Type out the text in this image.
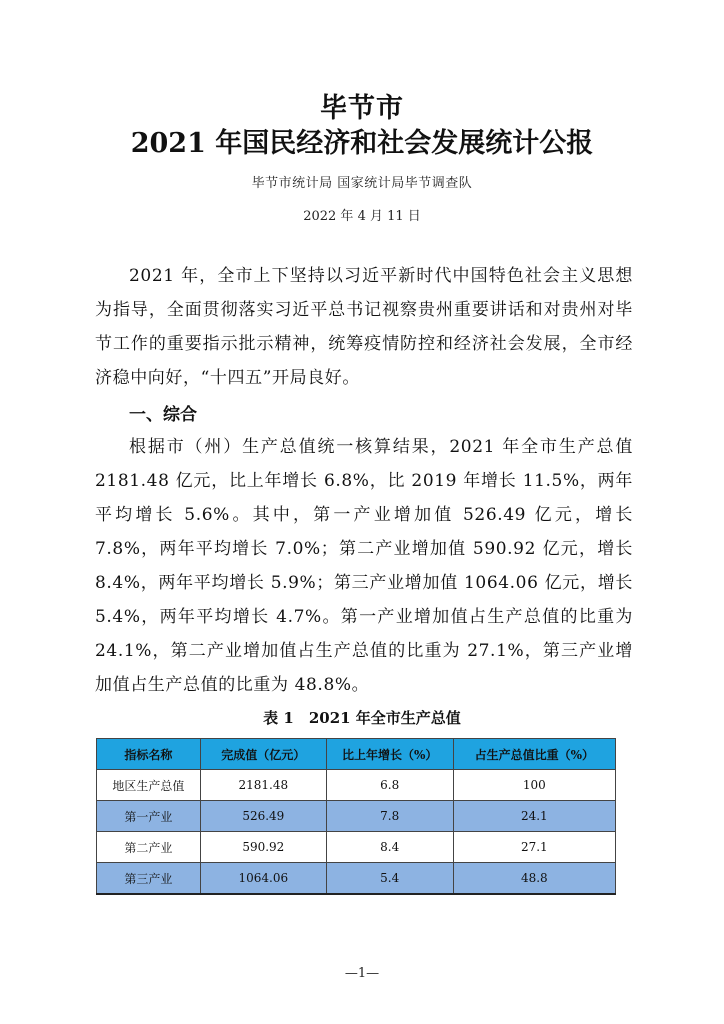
毕节市
2021 年国民经济和社会发展统计公报
毕节市统计局 国家统计局毕节调查队
2022 年 4 月 11 日
2021 年，全市上下坚持以习近平新时代中国特色社会主义思想为指导，全面贯彻落实习近平总书记视察贵州重要讲话和对贵州对毕节工作的重要指示批示精神，统筹疫情防控和经济社会发展，全市经济稳中向好，“十四五”开局良好。
一、综合
根据市（州）生产总值统一核算结果，2021 年全市生产总值 2181.48 亿元，比上年增长 6.8%，比 2019 年增长 11.5%，两年平均增长 5.6%。其中，第一产业增加值 526.49 亿元，增长 7.8%，两年平均增长 7.0%；第二产业增加值 590.92 亿元，增长 8.4%，两年平均增长 5.9%；第三产业增加值 1064.06 亿元，增长 5.4%，两年平均增长 4.7%。第一产业增加值占生产总值的比重为 24.1%，第二产业增加值占生产总值的比重为 27.1%，第三产业增加值占生产总值的比重为 48.8%。
表 1　2021 年全市生产总值
指标名称	完成值（亿元）	比上年增长（%）	占生产总值比重（%）
地区生产总值	2181.48	6.8	100
第一产业	526.49	7.8	24.1
第二产业	590.92	8.4	27.1
第三产业	1064.06	5.4	48.8
—1—
